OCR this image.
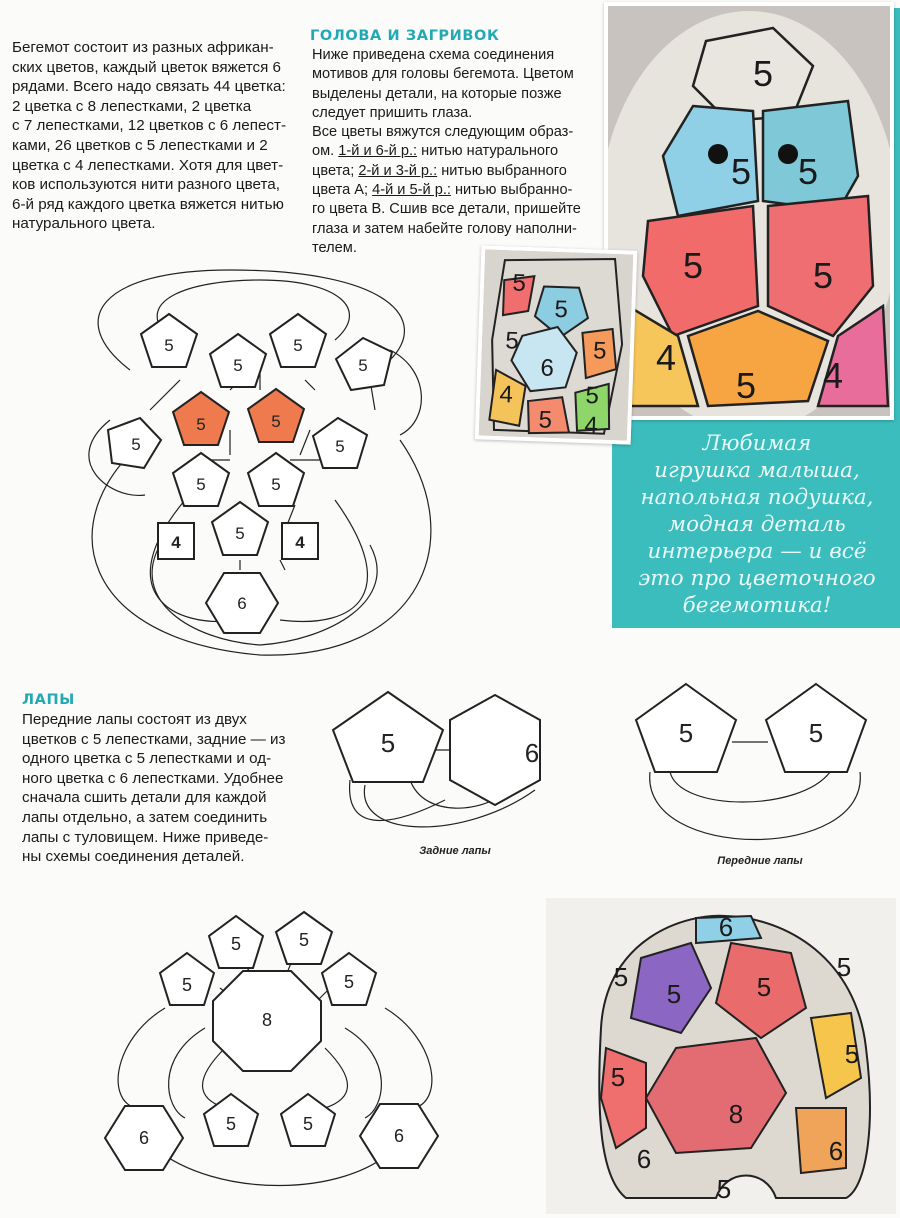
Бегемот состоит из разных африкан-
ских цветов, каждый цветок вяжется 6
рядами. Всего надо связать 44 цветка:
2 цветка с 8 лепестками, 2 цветка
с 7 лепестками, 12 цветков с 6 лепест-
ками, 26 цветков с 5 лепестками и 2
цветка с 4 лепестками. Хотя для цвет-
ков используются нити разного цвета,
6-й ряд каждого цветка вяжется нитью
натурального цвета.
ГОЛОВА И ЗАГРИВОК
Ниже приведена схема соединения
мотивов для головы бегемота. Цветом
выделены детали, на которые позже
следует пришить глаза.
Все цветы вяжутся следующим образ-
ом. 1-й и 6-й р.: нитью натурального
цвета; 2-й и 3-й р.: нитью выбранного
цвета А; 4-й и 5-й р.: нитью выбранно-
го цвета В. Сшив все детали, пришейте
глаза и затем набейте голову наполни-
телем.
ЛАПЫ
Передние лапы состоят из двух
цветков с 5 лепестками, задние — из
одного цветка с 5 лепестками и од-
ного цветка с 6 лепестками. Удобнее
сначала сшить детали для каждой
лапы отдельно, а затем соединить
лапы с туловищем. Ниже приведе-
ны схемы соединения деталей.
5
5 5
5	5
4
5 4
Любимая
игрушка малыша,
напольная подушка,
модная деталь
интерьера — и всё
это про цветочного
бегемотика!
5
5
5	5
6
5
4
5 4
5
5
5
5
5	5
5	5
5
5	5
4	4
6
5	6
Задние лапы
5	5
Передние лапы
5	5
5	5
8
6
5	5
6
6
5
5	5
5
5
8
6	6
5
5
